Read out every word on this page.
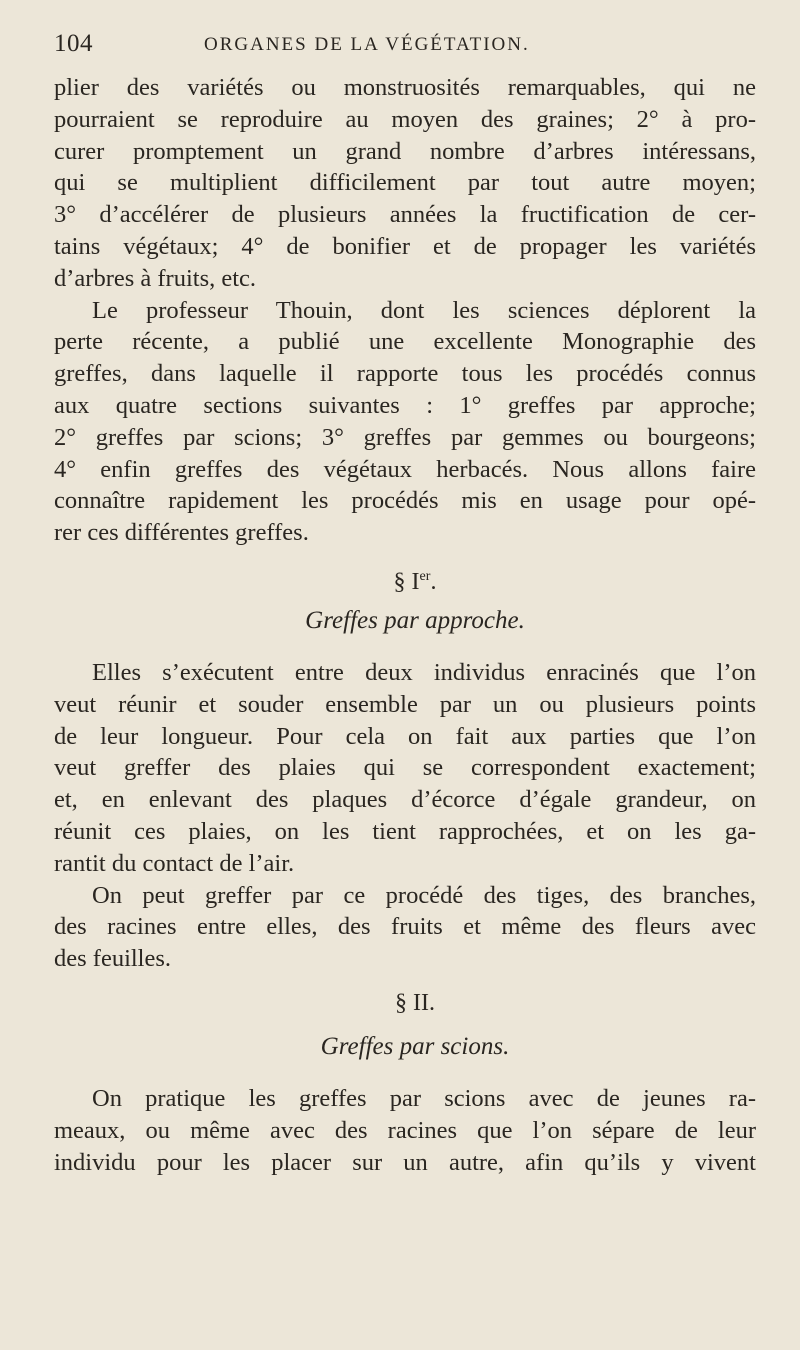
104	ORGANES DE LA VÉGÉTATION.
plier des variétés ou monstruosités remarquables, qui ne
pourraient se reproduire au moyen des graines; 2° à pro-
curer promptement un grand nombre d’arbres intéressans,
qui se multiplient difficilement par tout autre moyen;
3° d’accélérer de plusieurs années la fructification de cer-
tains végétaux; 4° de bonifier et de propager les variétés
d’arbres à fruits, etc.
Le professeur Thouin, dont les sciences déplorent la
perte récente, a publié une excellente Monographie des
greffes, dans laquelle il rapporte tous les procédés connus
aux quatre sections suivantes : 1° greffes par approche;
2° greffes par scions; 3° greffes par gemmes ou bourgeons;
4° enfin greffes des végétaux herbacés. Nous allons faire
connaître rapidement les procédés mis en usage pour opé-
rer ces différentes greffes.
§ Ier.
Greffes par approche.
Elles s’exécutent entre deux individus enracinés que l’on
veut réunir et souder ensemble par un ou plusieurs points
de leur longueur. Pour cela on fait aux parties que l’on
veut greffer des plaies qui se correspondent exactement;
et, en enlevant des plaques d’écorce d’égale grandeur, on
réunit ces plaies, on les tient rapprochées, et on les ga-
rantit du contact de l’air.
On peut greffer par ce procédé des tiges, des branches,
des racines entre elles, des fruits et même des fleurs avec
des feuilles.
§ II.
Greffes par scions.
On pratique les greffes par scions avec de jeunes ra-
meaux, ou même avec des racines que l’on sépare de leur
individu pour les placer sur un autre, afin qu’ils y vivent
